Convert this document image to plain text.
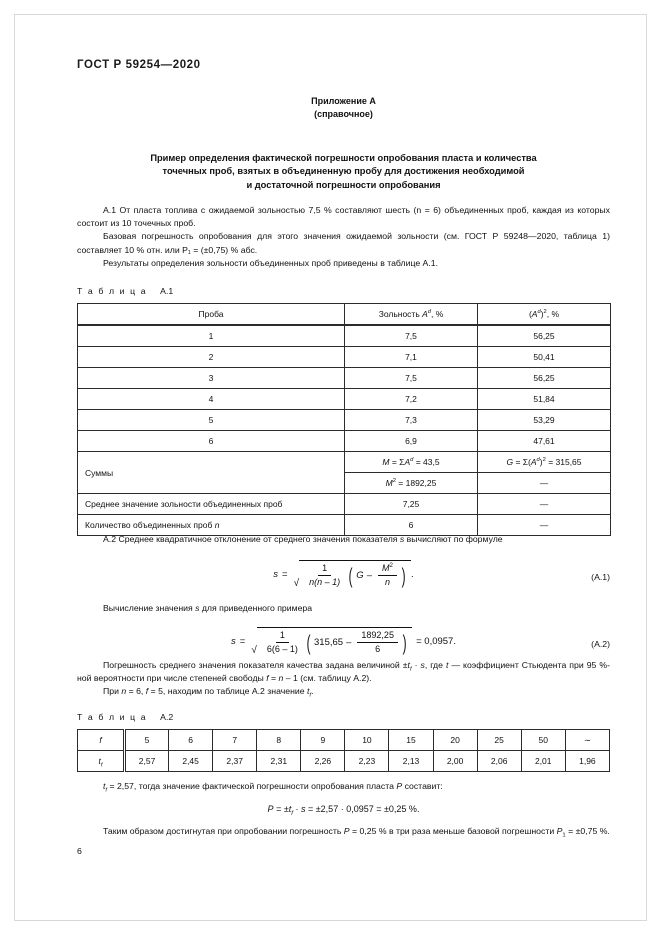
ГОСТ Р 59254—2020
Приложение А
(справочное)
Пример определения фактической погрешности опробования пласта и количества
точечных проб, взятых в объединенную пробу для достижения необходимой
и достаточной погрешности опробования

А.1 От пласта топлива с ожидаемой зольностью 7,5 % составляют шесть (n = 6) объединенных проб, каждая из которых состоит из 10 точечных проб.

Базовая погрешность опробования для этого значения ожидаемой зольности (см. ГОСТ Р 59248—2020, таблица 1) составляет 10 % отн. или P₁ = (±0,75) % абс.

Результаты определения зольности объединенных проб приведены в таблице А.1.

Т а б л и ц а А.1
Проба	Зольность $A^d$, %	$(A^d)^2$, %
1	7,5	56,25
2	7,1	50,41
3	7,5	56,25
4	7,2	51,84
5	7,3	53,29
6	6,9	47,61
Суммы	$M = \Sigma A^d = 43,5$	$G = \Sigma(A^d)^2 = 315,65$
	$M^2 = 1892,25$	—
Среднее значение зольности объединенных проб	7,25	—
Количество объединенных проб n	6	—

А.2 Среднее квадратичное отклонение от среднего значения показателя s вычисляют по формуле

s =
√ $\frac{1}{n(n - 1)}$ ( G – $\frac{M^2}{n}$ ) .	(А.1)

Вычисление значения s для приведенного примера

s =
√ $\frac{1}{6(6 - 1)}$ ( $315,65 - \frac{1892,25}{6}$ ) = 0,0957.	(А.2)

Погрешность среднего значения показателя качества задана величиной $\pm t_f \cdot s$, где t — коэффициент Стьюдента при 95 %-ной вероятности при числе степеней свободы f = n – 1 (см. таблицу А.2).

При n = 6, f = 5, находим по таблице А.2 значение $t_f$.

Т а б л и ц а А.2
f	5	6	7	8	9	10	15	20	25	50	∼
$t_f$	2,57	2,45	2,37	2,31	2,26	2,23	2,13	2,00	2,06	2,01	1,96

$t_f = 2,57$, тогда значение фактической погрешности опробования пласта P составит:

$P = \pm t_f \cdot s = \pm 2,57 \cdot 0,0957 = \pm 0,25$ %.

Таким образом достигнутая при опробовании погрешность P = 0,25 % в три раза меньше базовой погрешности $P_1 = \pm 0,75$ %.

6
